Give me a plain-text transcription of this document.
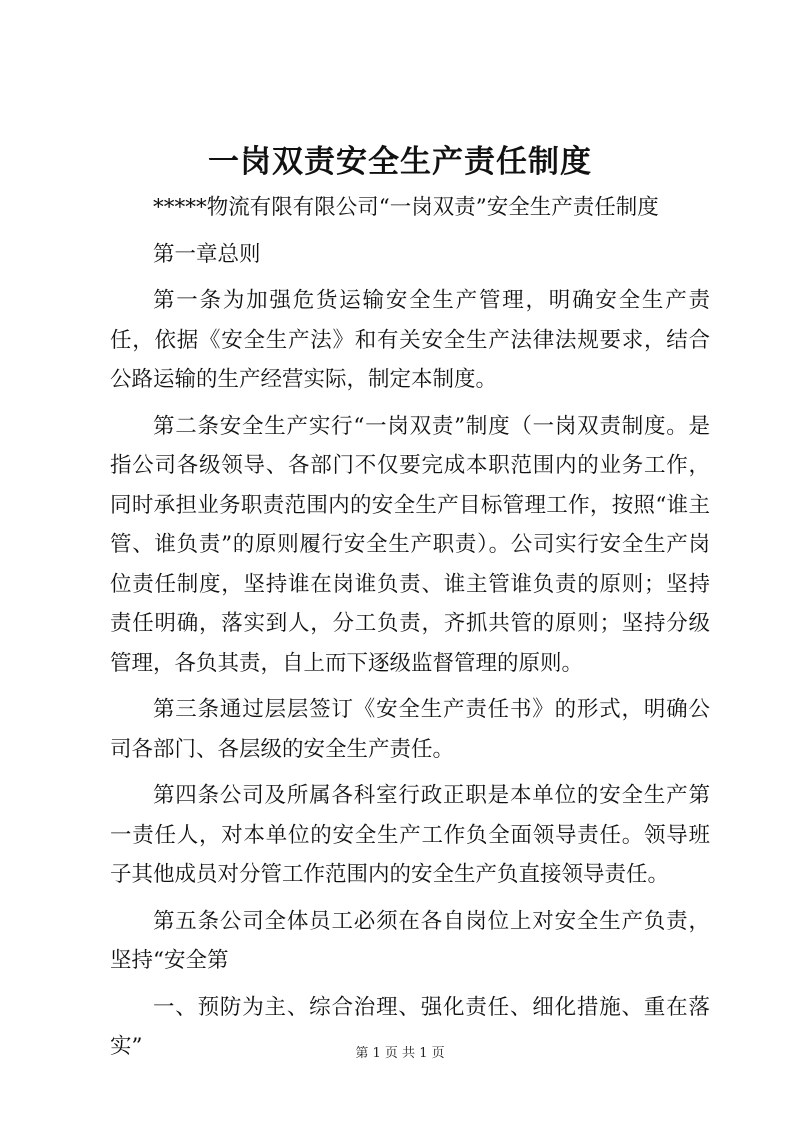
一岗双责安全生产责任制度

*****物流有限有限公司“一岗双责”安全生产责任制度

第一章总则

第一条为加强危货运输安全生产管理，明确安全生产责任，依据《安全生产法》和有关安全生产法律法规要求，结合公路运输的生产经营实际，制定本制度。

第二条安全生产实行“一岗双责”制度（一岗双责制度。是指公司各级领导、各部门不仅要完成本职范围内的业务工作，同时承担业务职责范围内的安全生产目标管理工作，按照“谁主管、谁负责”的原则履行安全生产职责）。公司实行安全生产岗位责任制度，坚持谁在岗谁负责、谁主管谁负责的原则；坚持责任明确，落实到人，分工负责，齐抓共管的原则；坚持分级管理，各负其责，自上而下逐级监督管理的原则。

第三条通过层层签订《安全生产责任书》的形式，明确公司各部门、各层级的安全生产责任。

第四条公司及所属各科室行政正职是本单位的安全生产第一责任人，对本单位的安全生产工作负全面领导责任。领导班子其他成员对分管工作范围内的安全生产负直接领导责任。

第五条公司全体员工必须在各自岗位上对安全生产负责，坚持“安全第

一、预防为主、综合治理、强化责任、细化措施、重在落实”	第 1 页 共 1 页
